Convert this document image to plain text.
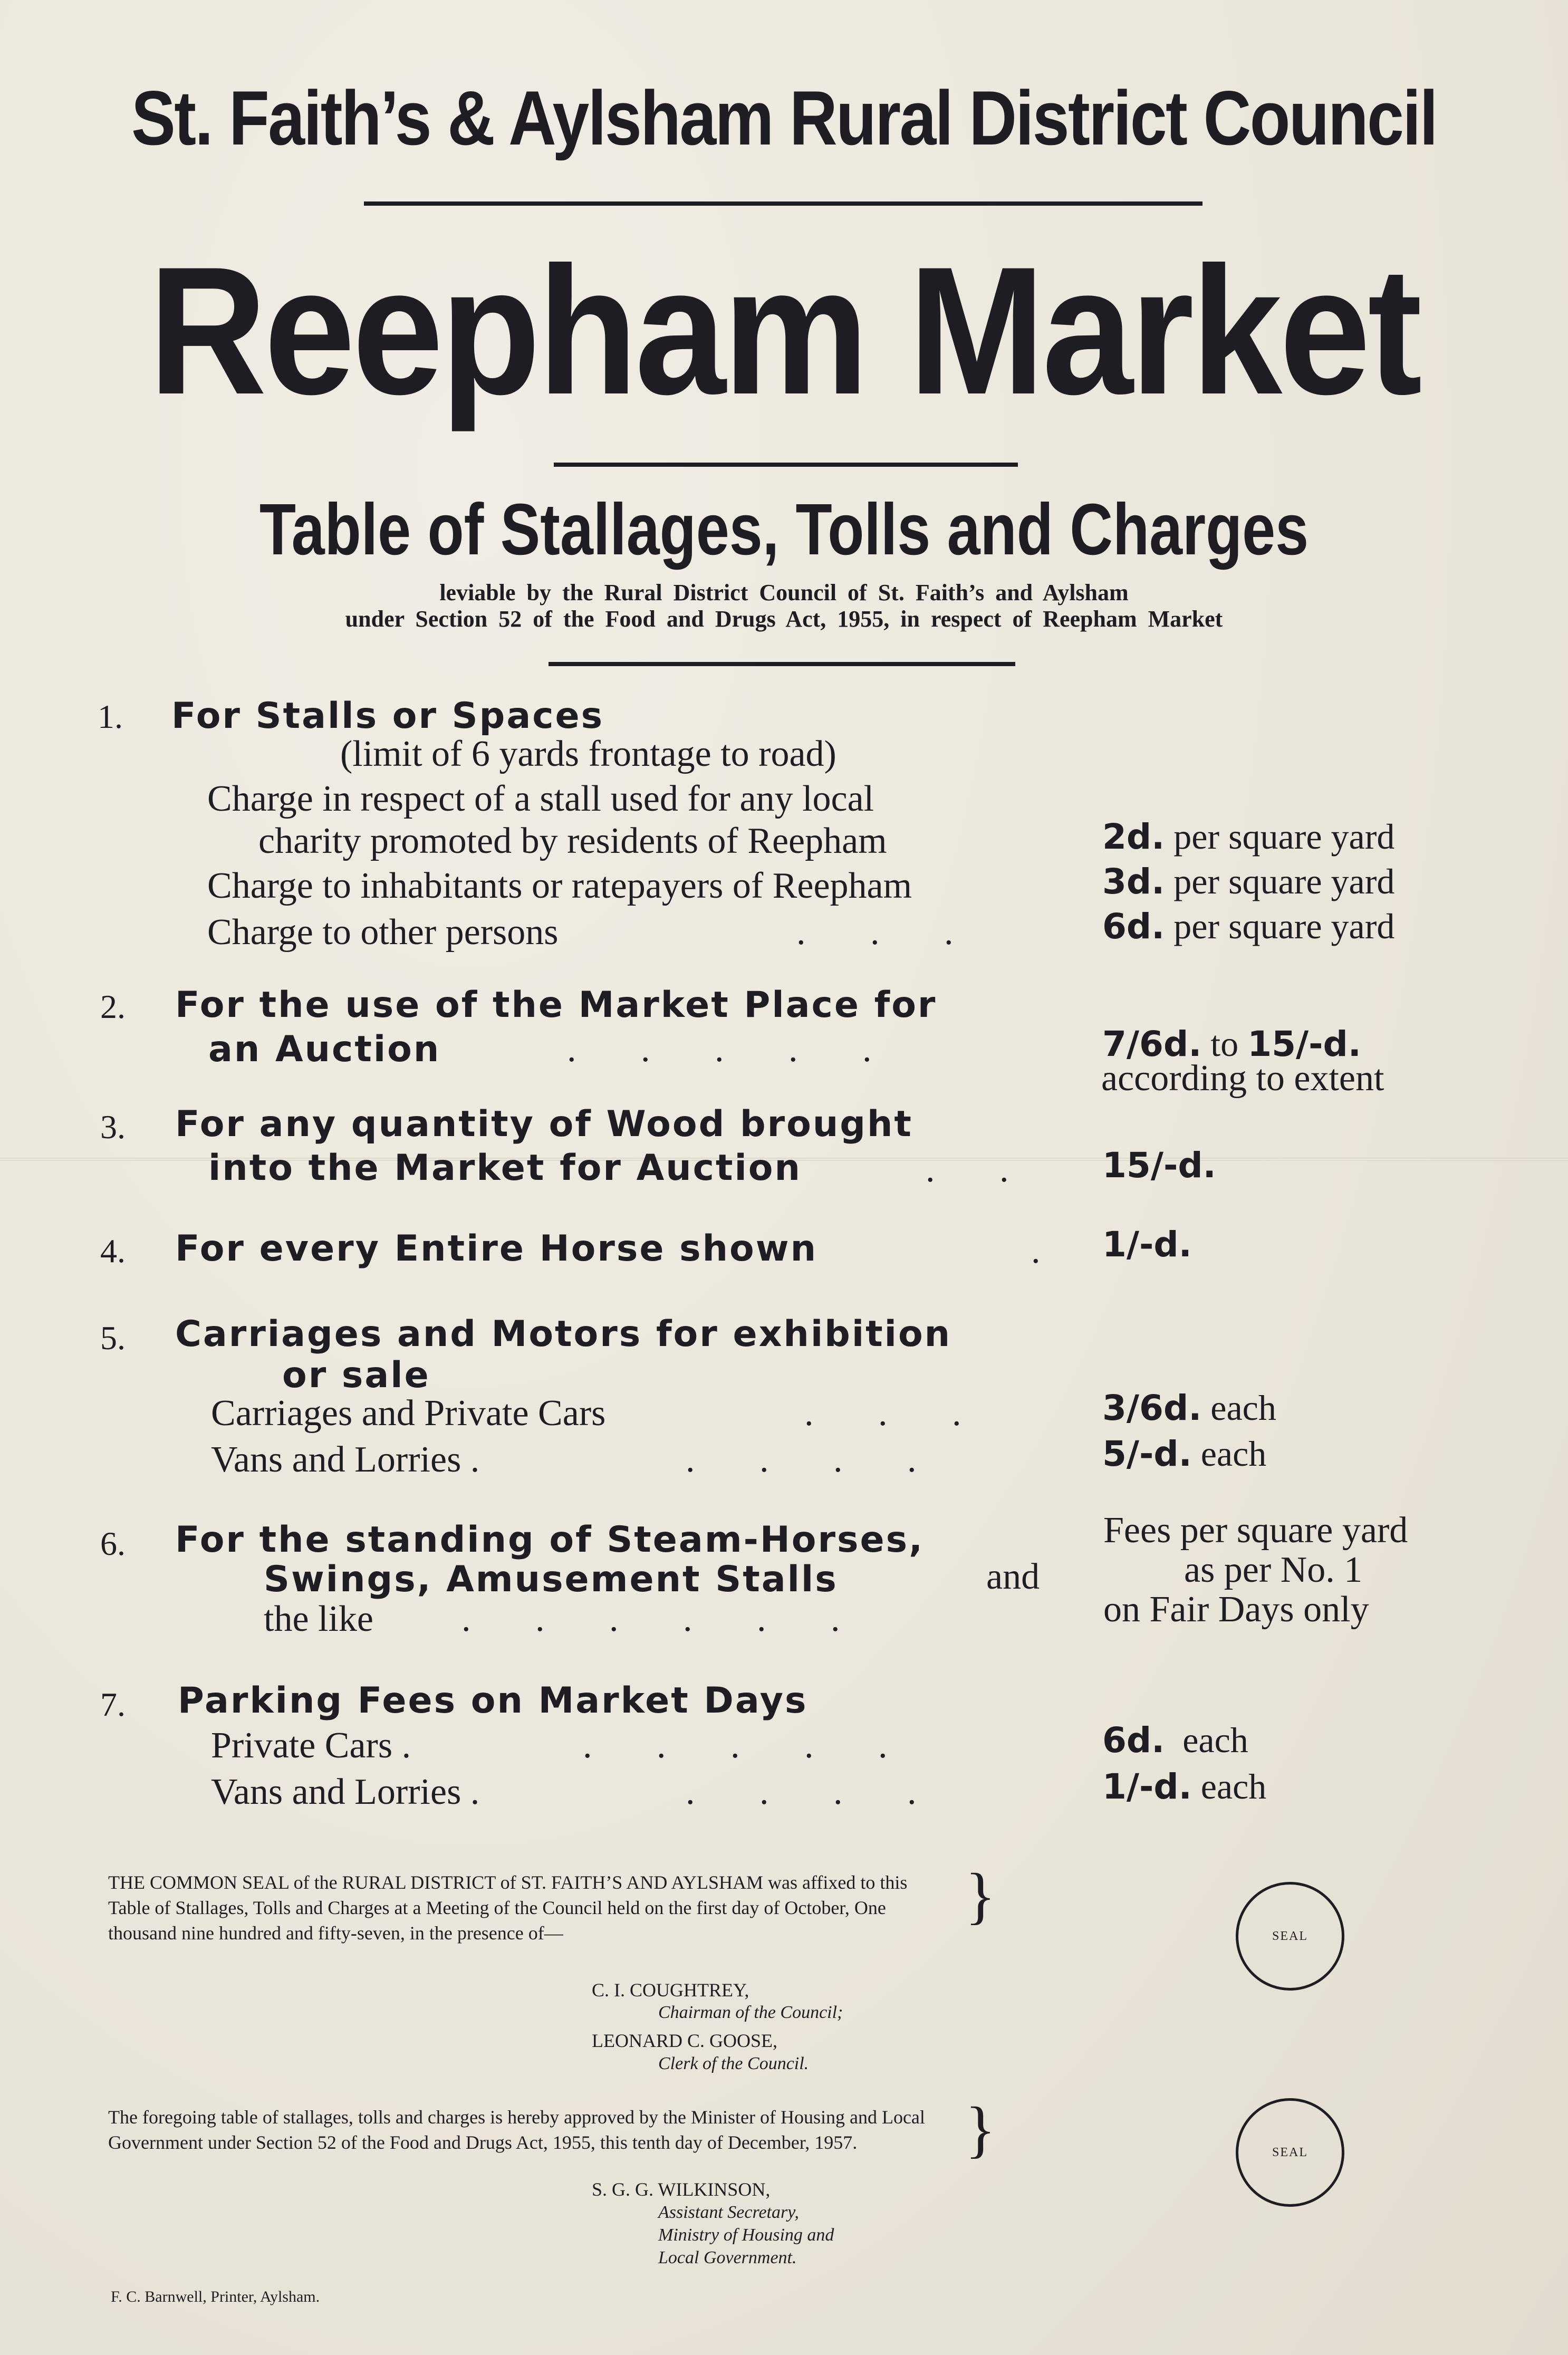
St. Faith’s & Aylsham Rural District Council
Reepham Market
Table of Stallages, Tolls and Charges
leviable by the Rural District Council of St. Faith’s and Aylsham
under Section 52 of the Food and Drugs Act, 1955, in respect of Reepham Market
1. For Stalls or Spaces
(limit of 6 yards frontage to road)
Charge in respect of a stall used for any local
charity promoted by residents of Reepham	2d. per square yard
Charge to inhabitants or ratepayers of Reepham	3d. per square yard
Charge to other persons	.       .       .	6d. per square yard
2. For the use of the Market Place for
an Auction	.       .       .       .       .	7/6d. to 15/-d.
according to extent
3. For any quantity of Wood brought
into the Market for Auction	.       .	15/-d.
4. For every Entire Horse shown	. 1/-d.
5. Carriages and Motors for exhibition
or sale
Carriages and Private Cars	.       .       .	3/6d. each
Vans and Lorries .	.       .       .       .	5/-d. each
6. For the standing of Steam-Horses,
Swings, Amusement Stalls	and
the like .       .       .       .       .       .
Fees per square yard
as per No. 1
on Fair Days only
7. Parking Fees on Market Days
Private Cars .	.       .       .       .       .	6d. each
Vans and Lorries .	.       .       .       .	1/-d. each
THE COMMON SEAL of the RURAL DISTRICT of ST. FAITH’S AND AYLSHAM was affixed to this Table of Stallages, Tolls and Charges at a Meeting of the Council held on the first day of October, One thousand nine hundred and fifty-seven, in the presence of—
}
C. I. COUGHTREY,
Chairman of the Council;
LEONARD C. GOOSE,
Clerk of the Council.
SEAL
The foregoing table of stallages, tolls and charges is hereby approved by the Minister of Housing and Local Government under Section 52 of the Food and Drugs Act, 1955, this tenth day of December, 1957.	}
S. G. G. WILKINSON,
Assistant Secretary,
Ministry of Housing and
Local Government.
SEAL
F. C. Barnwell, Printer, Aylsham.
